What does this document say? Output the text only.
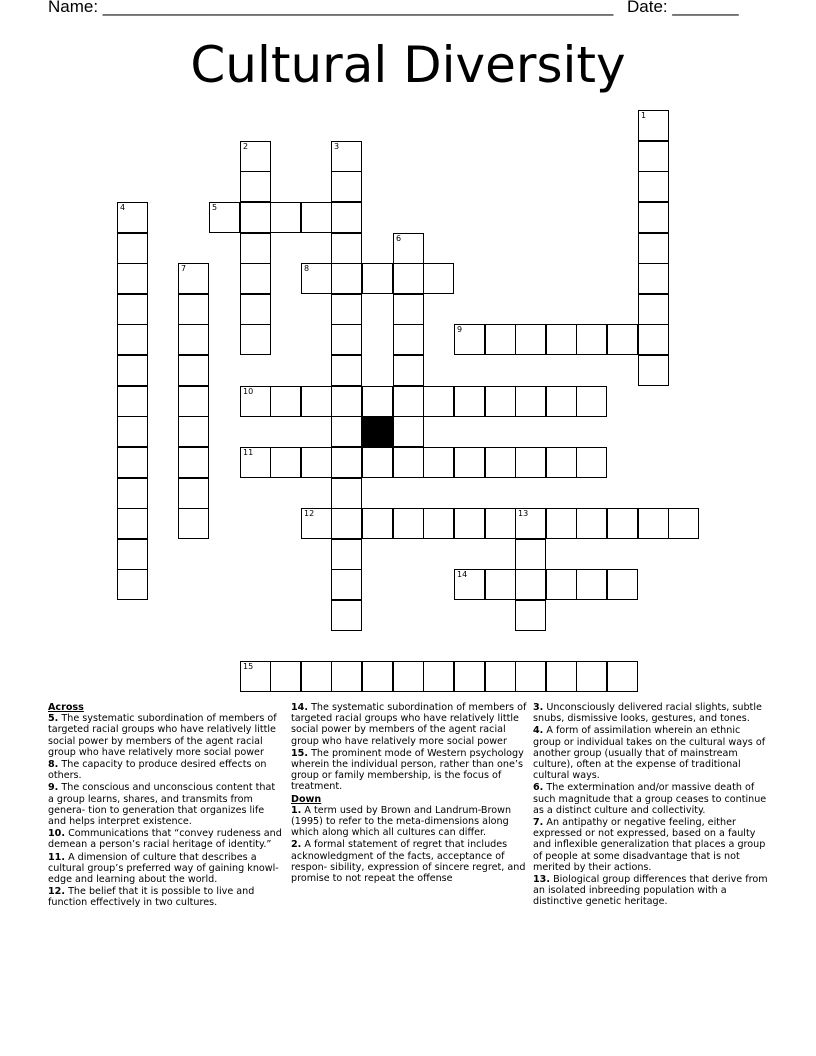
Name: ______________________________________________________ Date: _______
Cultural Diversity
1
2	3
4
6
7
13
5
8
9
10
11
12
14
15

Across

5. The systematic subordination of members of targeted racial groups who have relatively little social power by members of the agent racial group who have relatively more social power

8. The capacity to produce desired effects on others.

9. The conscious and unconscious content that a group learns, shares, and transmits from genera- tion to generation that organizes life and helps interpret existence.

10. Communications that “convey rudeness and demean a person’s racial heritage of identity.”

11. A dimension of culture that describes a cultural group’s preferred way of gaining knowl- edge and learning about the world.

12. The belief that it is possible to live and function effectively in two cultures.

14. The systematic subordination of members of targeted racial groups who have relatively little social power by members of the agent racial group who have relatively more social power

15. The prominent mode of Western psychology wherein the individual person, rather than one’s group or family membership, is the focus of treatment.

Down

1. A term used by Brown and Landrum-Brown (1995) to refer to the meta-dimensions along which along which all cultures can differ.

2. A formal statement of regret that includes acknowledgment of the facts, acceptance of respon- sibility, expression of sincere regret, and promise to not repeat the offense

3. Unconsciously delivered racial slights, subtle snubs, dismissive looks, gestures, and tones.

4. A form of assimilation wherein an ethnic group or individual takes on the cultural ways of another group (usually that of mainstream culture), often at the expense of traditional cultural ways.

6. The extermination and/or massive death of such magnitude that a group ceases to continue as a distinct culture and collectivity.

7. An antipathy or negative feeling, either expressed or not expressed, based on a faulty and inflexible generalization that places a group of people at some disadvantage that is not merited by their actions.

13. Biological group differences that derive from an isolated inbreeding population with a distinctive genetic heritage.
